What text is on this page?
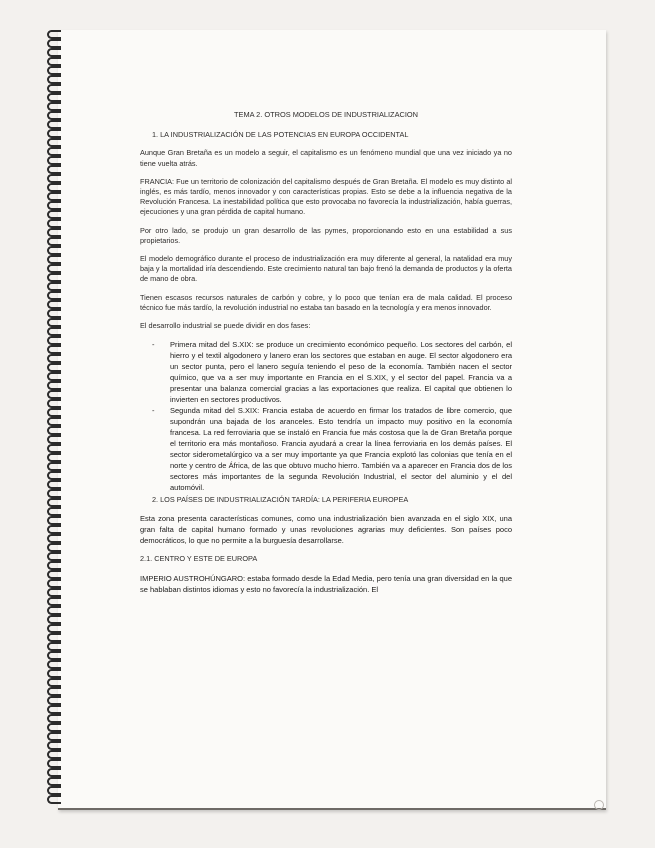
TEMA 2. OTROS MODELOS DE INDUSTRIALIZACION
1. LA INDUSTRIALIZACIÓN DE LAS POTENCIAS EN EUROPA OCCIDENTAL

Aunque Gran Bretaña es un modelo a seguir, el capitalismo es un fenómeno mundial que una vez iniciado ya no tiene vuelta atrás.

FRANCIA: Fue un territorio de colonización del capitalismo después de Gran Bretaña. El modelo es muy distinto al inglés, es más tardío, menos innovador y con características propias. Esto se debe a la influencia negativa de la Revolución Francesa. La inestabilidad política que esto provocaba no favorecía la industrialización, había guerras, ejecuciones y una gran pérdida de capital humano.

Por otro lado, se produjo un gran desarrollo de las pymes, proporcionando esto en una estabilidad a sus propietarios.

El modelo demográfico durante el proceso de industrialización era muy diferente al general, la natalidad era muy baja y la mortalidad iría descendiendo. Este crecimiento natural tan bajo frenó la demanda de productos y la oferta de mano de obra.

Tienen escasos recursos naturales de carbón y cobre, y lo poco que tenían era de mala calidad. El proceso técnico fue más tardío, la revolución industrial no estaba tan basado en la tecnología y era menos innovador.

El desarrollo industrial se puede dividir en dos fases:

- Primera mitad del S.XIX: se produce un crecimiento económico pequeño. Los sectores del carbón, el hierro y el textil algodonero y lanero eran los sectores que estaban en auge. El sector algodonero era un sector punta, pero el lanero seguía teniendo el peso de la economía. También nacen el sector químico, que va a ser muy importante en Francia en el S.XIX, y el sector del papel. Francia va a presentar una balanza comercial gracias a las exportaciones que realiza. El capital que obtienen lo invierten en sectores productivos.
- Segunda mitad del S.XIX: Francia estaba de acuerdo en firmar los tratados de libre comercio, que supondrán una bajada de los aranceles. Esto tendría un impacto muy positivo en la economía francesa. La red ferroviaria que se instaló en Francia fue más costosa que la de Gran Bretaña porque el territorio era más montañoso. Francia ayudará a crear la línea ferroviaria en los demás países. El sector siderometalúrgico va a ser muy importante ya que Francia explotó las colonias que tenía en el norte y centro de África, de las que obtuvo mucho hierro. También va a aparecer en Francia dos de los sectores más importantes de la segunda Revolución Industrial, el sector del aluminio y el del automóvil.
2. LOS PAÍSES DE INDUSTRIALIZACIÓN TARDÍA: LA PERIFERIA EUROPEA

Esta zona presenta características comunes, como una industrialización bien avanzada en el siglo XIX, una gran falta de capital humano formado y unas revoluciones agrarias muy deficientes. Son países poco democráticos, lo que no permite a la burguesía desarrollarse.

2.1. CENTRO Y ESTE DE EUROPA

IMPERIO AUSTROHÚNGARO: estaba formado desde la Edad Media, pero tenía una gran diversidad en la que se hablaban distintos idiomas y esto no favorecía la industrialización. El
